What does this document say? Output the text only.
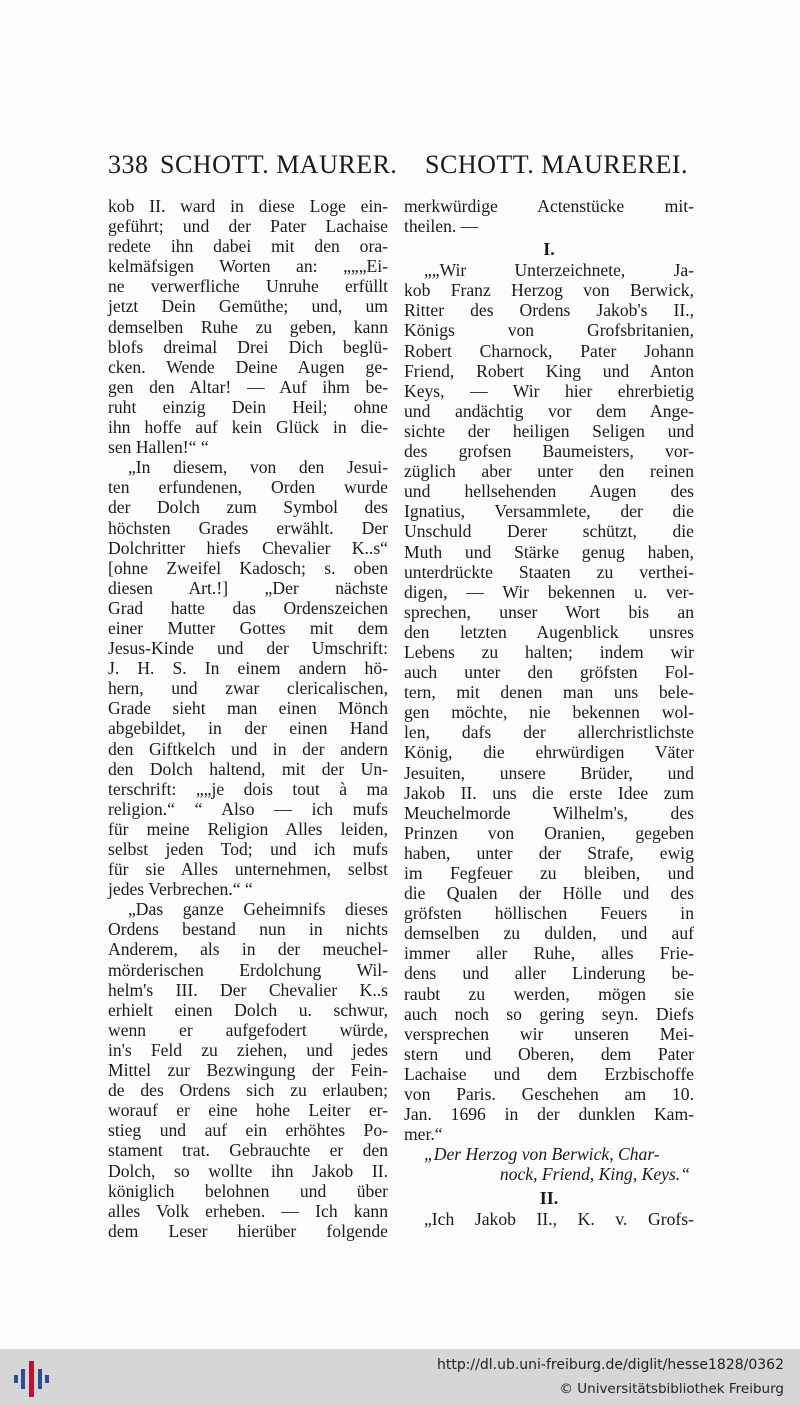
338 SCHOTT. MAURER. SCHOTT. MAUREREI.
kob II. ward in diese Loge ein-
geführt; und der Pater Lachaise
redete ihn dabei mit den ora-
kelmäfsigen Worten an: „„„Ei-
ne verwerfliche Unruhe erfüllt
jetzt Dein Gemüthe; und, um
demselben Ruhe zu geben, kann
blofs dreimal Drei Dich beglü-
cken. Wende Deine Augen ge-
gen den Altar! — Auf ihm be-
ruht einzig Dein Heil; ohne
ihn hoffe auf kein Glück in die-
sen Hallen!“ “
„In diesem, von den Jesui-
ten erfundenen, Orden wurde
der Dolch zum Symbol des
höchsten Grades erwählt. Der
Dolchritter hiefs Chevalier K..s“
[ohne Zweifel Kadosch; s. oben
diesen Art.!] „Der nächste
Grad hatte das Ordenszeichen
einer Mutter Gottes mit dem
Jesus-Kinde und der Umschrift:
J. H. S. In einem andern hö-
hern, und zwar clericalischen,
Grade sieht man einen Mönch
abgebildet, in der einen Hand
den Giftkelch und in der andern
den Dolch haltend, mit der Un-
terschrift: „„je dois tout à ma
religion.“ “ Also — ich mufs
für meine Religion Alles leiden,
selbst jeden Tod; und ich mufs
für sie Alles unternehmen, selbst
jedes Verbrechen.“ “
„Das ganze Geheimnifs dieses
Ordens bestand nun in nichts
Anderem, als in der meuchel-
mörderischen Erdolchung Wil-
helm's III. Der Chevalier K..s
erhielt einen Dolch u. schwur,
wenn er aufgefodert würde,
in's Feld zu ziehen, und jedes
Mittel zur Bezwingung der Fein-
de des Ordens sich zu erlauben;
worauf er eine hohe Leiter er-
stieg und auf ein erhöhtes Po-
stament trat. Gebrauchte er den
Dolch, so wollte ihn Jakob II.
königlich belohnen und über
alles Volk erheben. — Ich kann
dem Leser hierüber folgende
merkwürdige Actenstücke mit-
theilen. —
I.
„„Wir Unterzeichnete, Ja-
kob Franz Herzog von Berwick,
Ritter des Ordens Jakob's II.,
Königs von Grofsbritanien,
Robert Charnock, Pater Johann
Friend, Robert King und Anton
Keys, — Wir hier ehrerbietig
und andächtig vor dem Ange-
sichte der heiligen Seligen und
des grofsen Baumeisters, vor-
züglich aber unter den reinen
und hellsehenden Augen des
Ignatius, Versammlete, der die
Unschuld Derer schützt, die
Muth und Stärke genug haben,
unterdrückte Staaten zu verthei-
digen, — Wir bekennen u. ver-
sprechen, unser Wort bis an
den letzten Augenblick unsres
Lebens zu halten; indem wir
auch unter den gröfsten Fol-
tern, mit denen man uns bele-
gen möchte, nie bekennen wol-
len, dafs der allerchristlichste
König, die ehrwürdigen Väter
Jesuiten, unsere Brüder, und
Jakob II. uns die erste Idee zum
Meuchelmorde Wilhelm's, des
Prinzen von Oranien, gegeben
haben, unter der Strafe, ewig
im Fegfeuer zu bleiben, und
die Qualen der Hölle und des
gröfsten höllischen Feuers in
demselben zu dulden, und auf
immer aller Ruhe, alles Frie-
dens und aller Linderung be-
raubt zu werden, mögen sie
auch noch so gering seyn. Diefs
versprechen wir unseren Mei-
stern und Oberen, dem Pater
Lachaise und dem Erzbischoffe
von Paris. Geschehen am 10.
Jan. 1696 in der dunklen Kam-
mer.“
„Der Herzog von Berwick, Char-
nock, Friend, King, Keys.“
II.
„Ich Jakob II., K. v. Grofs-
http://dl.ub.uni-freiburg.de/diglit/hesse1828/0362
© Universitätsbibliothek Freiburg
